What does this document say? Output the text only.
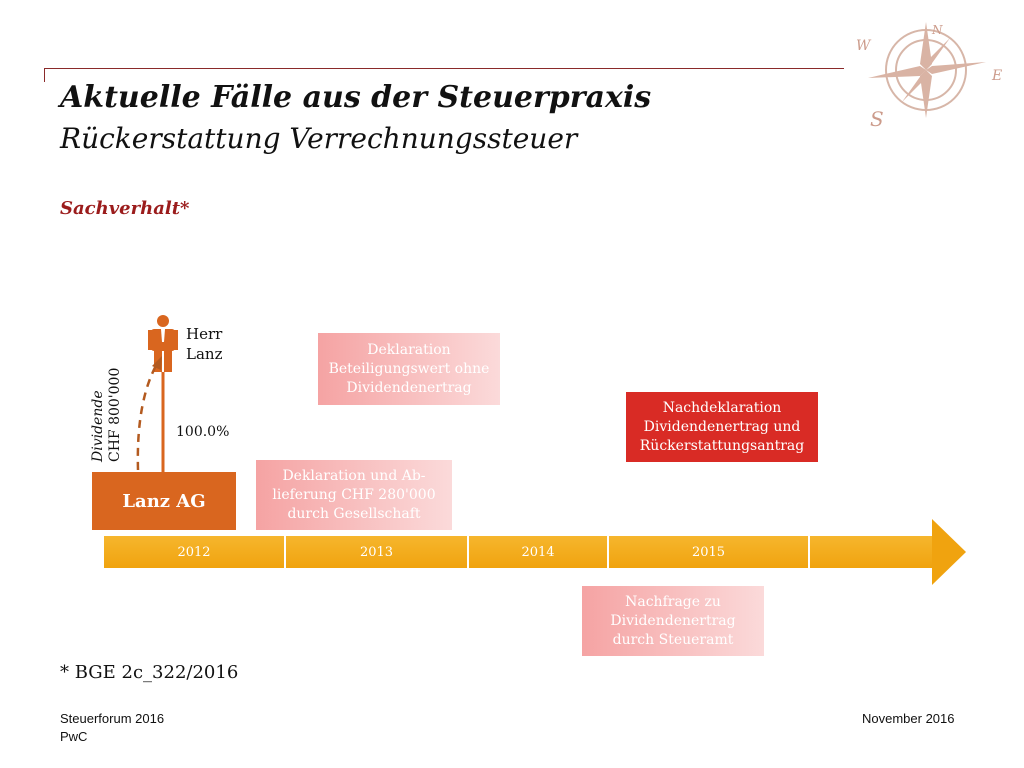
W
N
E
S
Aktuelle Fälle aus der Steuerpraxis
Rückerstattung Verrechnungssteuer
Sachverhalt*
Herr
Lanz
100.0%
Dividende CHF 800'000
Lanz AG
Deklaration
Beteiligungswert ohne
Dividendenertrag
Deklaration und Ab-
lieferung CHF 280'000
durch Gesellschaft
Nachdeklaration
Dividendenertrag und
Rückerstattungsantrag
Nachfrage zu
Dividendenertrag
durch Steueramt
2012	2013	2014	2015
* BGE 2c_322/2016
Steuerforum 2016
PwC
November 2016
